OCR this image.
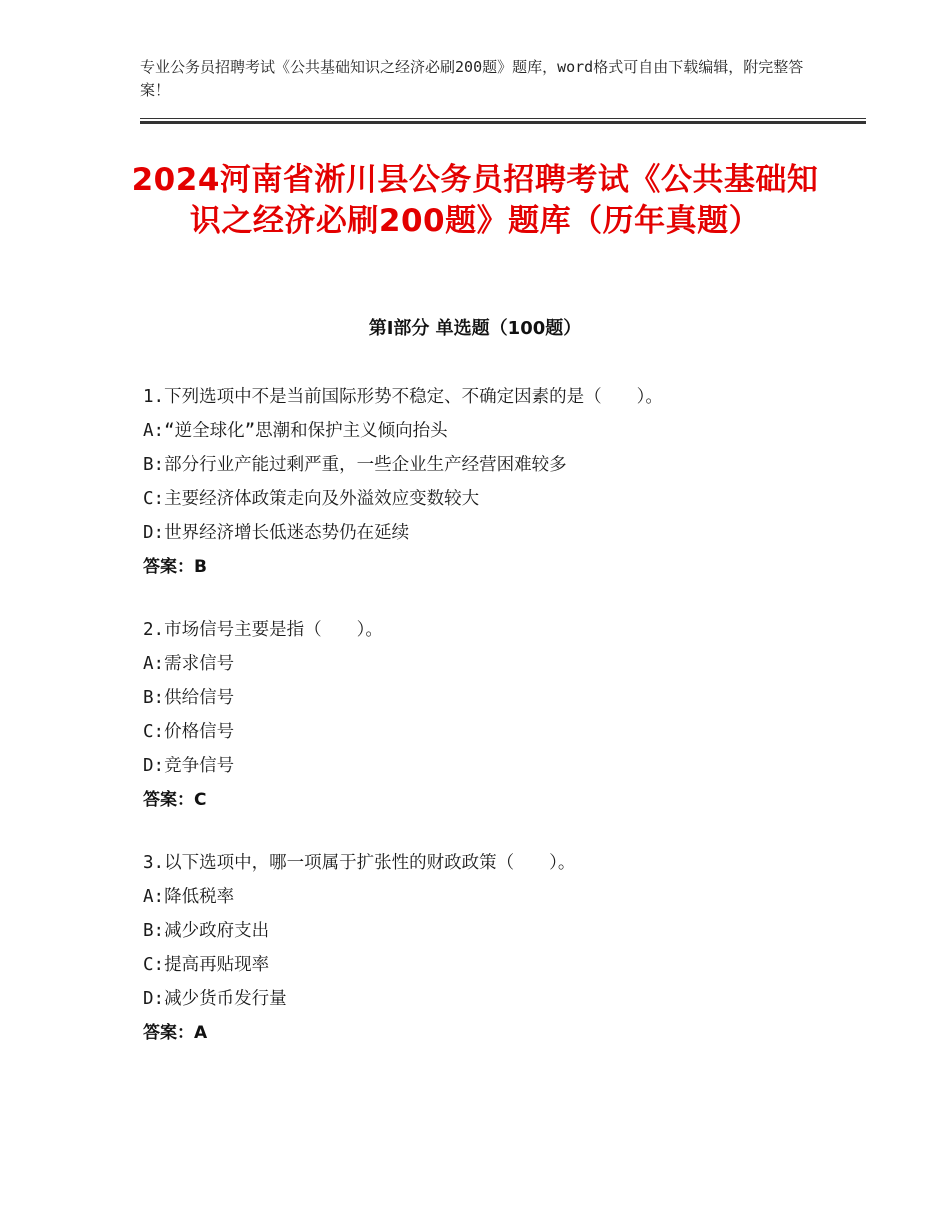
专业公务员招聘考试《公共基础知识之经济必刷200题》题库，word格式可自由下载编辑，附完整答案！
2024河南省淅川县公务员招聘考试《公共基础知识之经济必刷200题》题库（历年真题）
第I部分 单选题（100题）
1.下列选项中不是当前国际形势不稳定、不确定因素的是（　　）。
A:“逆全球化”思潮和保护主义倾向抬头
B:部分行业产能过剩严重，一些企业生产经营困难较多
C:主要经济体政策走向及外溢效应变数较大
D:世界经济增长低迷态势仍在延续
答案：B
2.市场信号主要是指（　　）。
A:需求信号
B:供给信号
C:价格信号
D:竞争信号
答案：C
3.以下选项中，哪一项属于扩张性的财政政策（　　）。
A:降低税率
B:减少政府支出
C:提高再贴现率
D:减少货币发行量
答案：A
